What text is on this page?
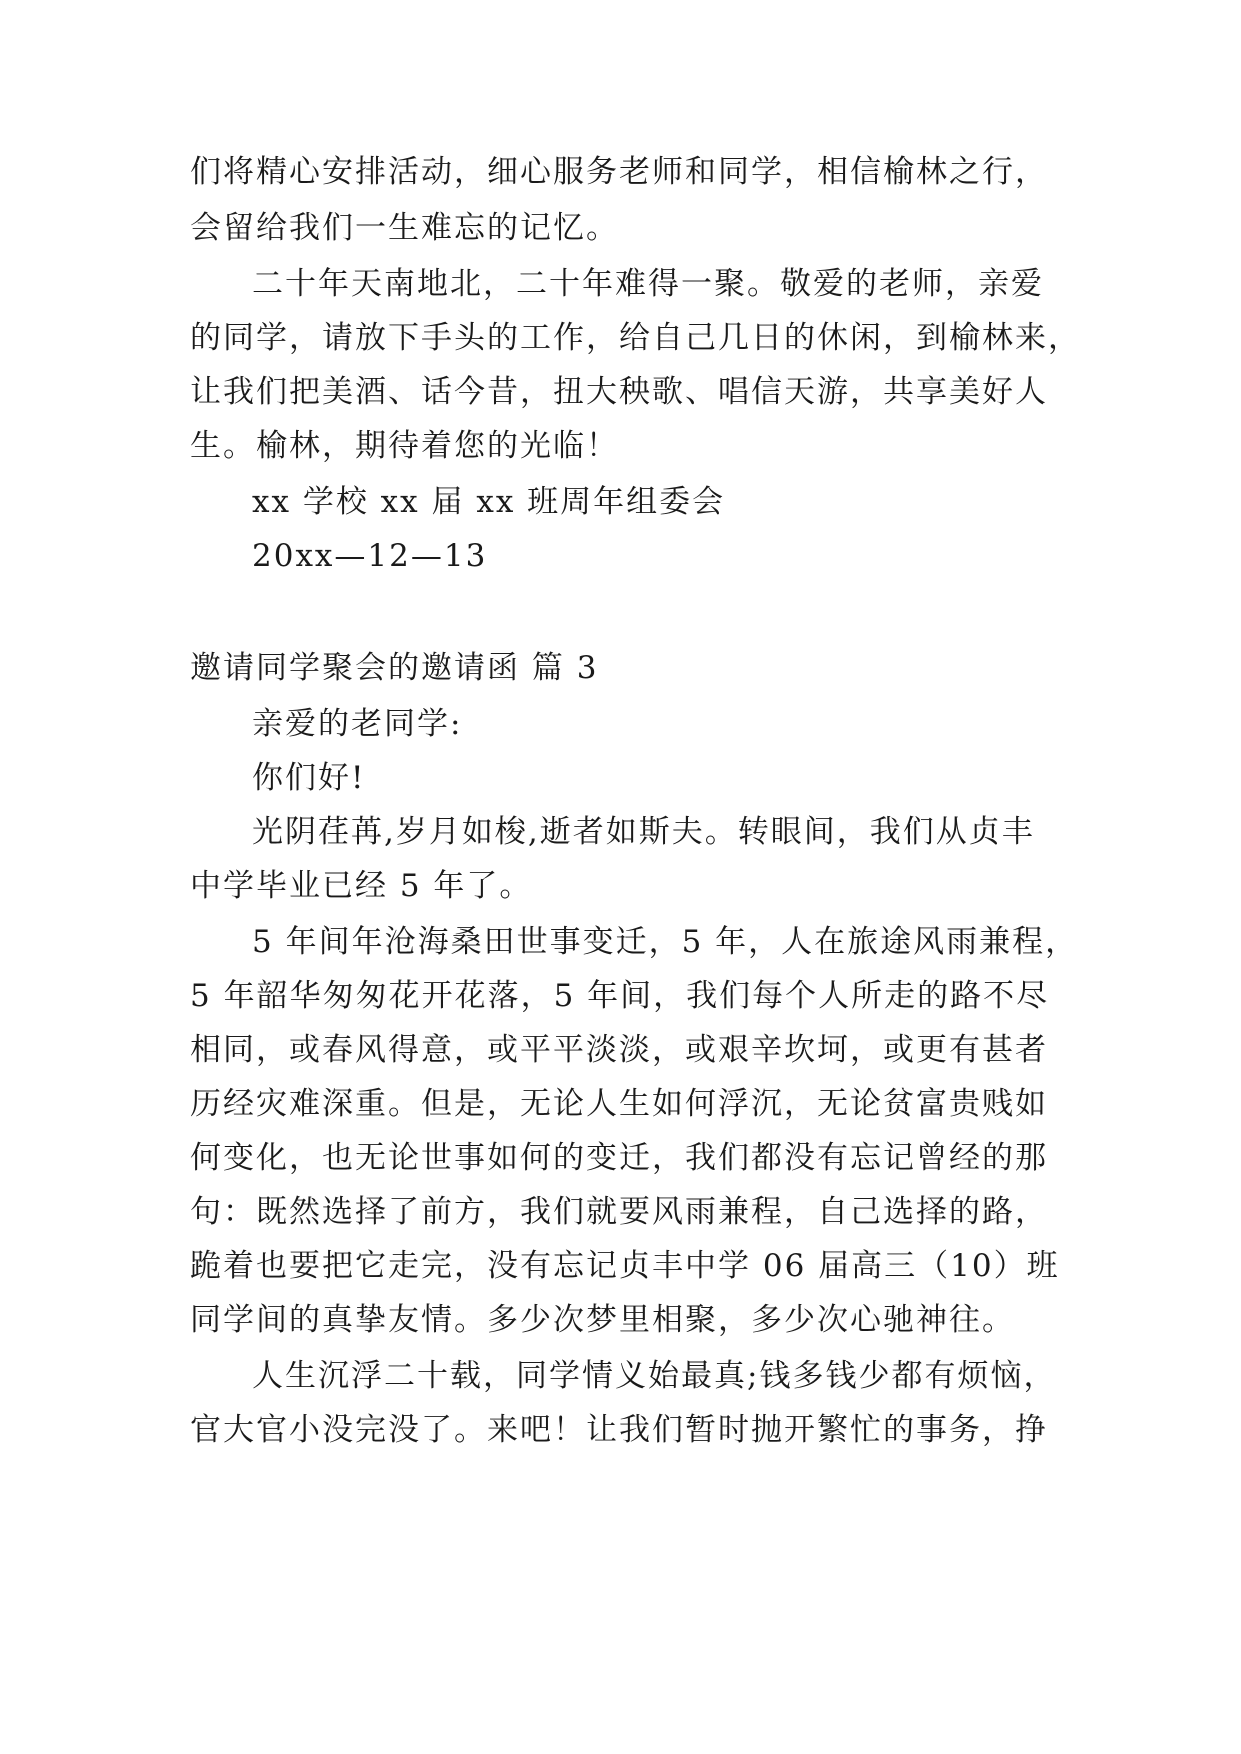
们将精心安排活动，细心服务老师和同学，相信榆林之行，
会留给我们一生难忘的记忆。
二十年天南地北，二十年难得一聚。敬爱的老师，亲爱
的同学，请放下手头的工作，给自己几日的休闲，到榆林来，
让我们把美酒、话今昔，扭大秧歌、唱信天游，共享美好人
生。榆林，期待着您的光临！
xx 学校 xx 届 xx 班周年组委会
20xx—12—13
邀请同学聚会的邀请函 篇 3
亲爱的老同学:
你们好!
光阴荏苒,岁月如梭,逝者如斯夫。转眼间，我们从贞丰
中学毕业已经 5 年了。
5 年间年沧海桑田世事变迁，5 年，人在旅途风雨兼程，
5 年韶华匆匆花开花落，5 年间，我们每个人所走的路不尽
相同，或春风得意，或平平淡淡，或艰辛坎坷，或更有甚者
历经灾难深重。但是，无论人生如何浮沉，无论贫富贵贱如
何变化，也无论世事如何的变迁，我们都没有忘记曾经的那
句：既然选择了前方，我们就要风雨兼程，自己选择的路，
跪着也要把它走完，没有忘记贞丰中学 06 届高三（10）班
同学间的真挚友情。多少次梦里相聚，多少次心驰神往。
人生沉浮二十载，同学情义始最真;钱多钱少都有烦恼，
官大官小没完没了。来吧！让我们暂时抛开繁忙的事务，挣
